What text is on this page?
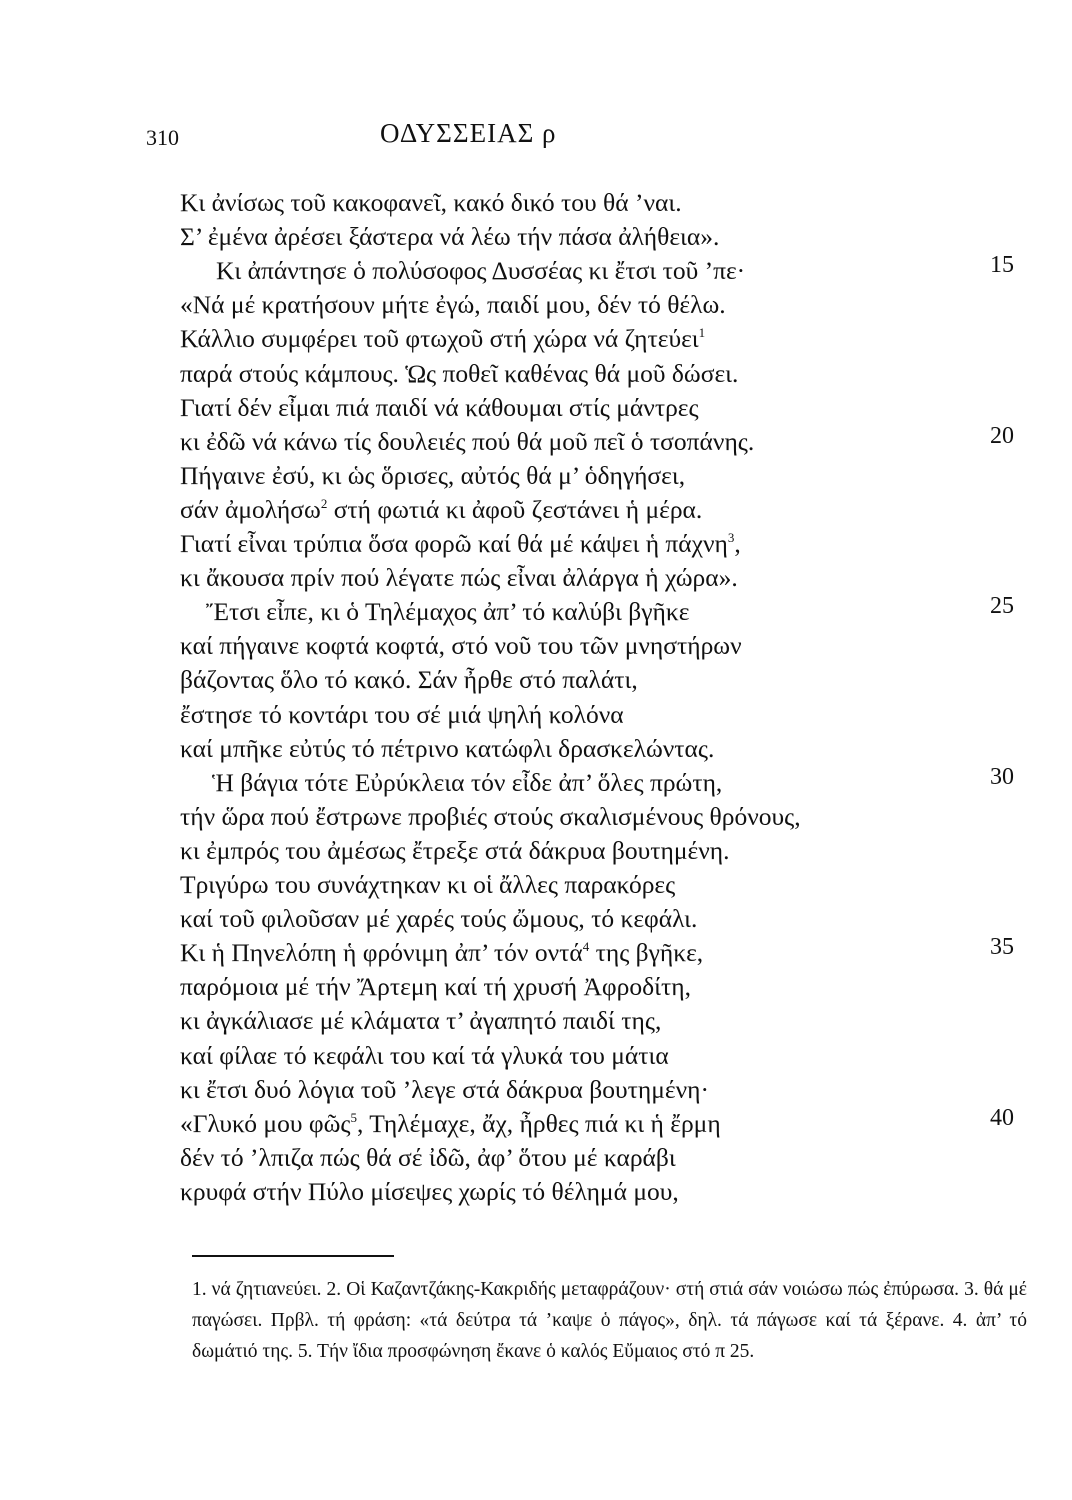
310	ΟΔΥΣΣΕΙΑΣ ρ
Κι ἀνίσως τοῦ κακοφανεῖ, κακό δικό του θά ’ναι.
Σ’ ἐμένα ἀρέσει ξάστερα νά λέω τήν πάσα ἀλήθεια».
Κι ἀπάντησε ὁ πολύσοφος Δυσσέας κι ἔτσι τοῦ ’πε·	15
«Νά μέ κρατήσουν μήτε ἐγώ, παιδί μου, δέν τό θέλω.
Κάλλιο συμφέρει τοῦ φτωχοῦ στή χώρα νά ζητεύει$^1$
παρά στούς κάμπους. Ὡς ποθεῖ καθένας θά μοῦ δώσει.
Γιατί δέν εἶμαι πιά παιδί νά κάθουμαι στίς μάντρες
κι ἐδῶ νά κάνω τίς δουλειές πού θά μοῦ πεῖ ὁ τσοπάνης.	20
Πήγαινε ἐσύ, κι ὡς ὅρισες, αὐτός θά μ’ ὁδηγήσει,
σάν ἀμολήσω$^2$ στή φωτιά κι ἀφοῦ ζεστάνει ἡ μέρα.
Γιατί εἶναι τρύπια ὅσα φορῶ καί θά μέ κάψει ἡ πάχνη$^3$,
κι ἄκουσα πρίν πού λέγατε πώς εἶναι ἀλάργα ἡ χώρα».
Ἔτσι εἶπε, κι ὁ Τηλέμαχος ἀπ’ τό καλύβι βγῆκε	25
καί πήγαινε κοφτά κοφτά, στό νοῦ του τῶν μνηστήρων
βάζοντας ὅλο τό κακό. Σάν ἦρθε στό παλάτι,
ἔστησε τό κοντάρι του σέ μιά ψηλή κολόνα
καί μπῆκε εὐτύς τό πέτρινο κατώφλι δρασκελώντας.
Ἡ βάγια τότε Εὐρύκλεια τόν εἶδε ἀπ’ ὅλες πρώτη,	30
τήν ὥρα πού ἔστρωνε προβιές στούς σκαλισμένους θρόνους,
κι ἐμπρός του ἀμέσως ἔτρεξε στά δάκρυα βουτημένη.
Τριγύρω του συνάχτηκαν κι οἱ ἄλλες παρακόρες
καί τοῦ φιλοῦσαν μέ χαρές τούς ὤμους, τό κεφάλι.
Κι ἡ Πηνελόπη ἡ φρόνιμη ἀπ’ τόν οντά$^4$ της βγῆκε,	35
παρόμοια μέ τήν Ἄρτεμη καί τή χρυσή Ἀφροδίτη,
κι ἀγκάλιασε μέ κλάματα τ’ ἀγαπητό παιδί της,
καί φίλαε τό κεφάλι του καί τά γλυκά του μάτια
κι ἔτσι δυό λόγια τοῦ ’λεγε στά δάκρυα βουτημένη·
«Γλυκό μου φῶς$^5$, Τηλέμαχε, ἄχ, ἦρθες πιά κι ἡ ἔρμη	40
δέν τό ’λπιζα πώς θά σέ ἰδῶ, ἀφ’ ὅτου μέ καράβι
κρυφά στήν Πύλο μίσεψες χωρίς τό θέλημά μου,
1. νά ζητιανεύει. 2. Οἱ Καζαντζάκης-Κακριδής μεταφράζουν· στή στιά σάν νοιώσω πώς ἐπύρωσα. 3. θά μέ παγώσει. Πρβλ. τή φράση: «τά δεύτρα τά ’καψε ὁ πάγος», δηλ. τά πάγωσε καί τά ξέρανε. 4. ἀπ’ τό δωμάτιό της. 5. Τήν ἴδια προσφώνηση ἔκανε ὁ καλός Εὔμαιος στό π 25.
